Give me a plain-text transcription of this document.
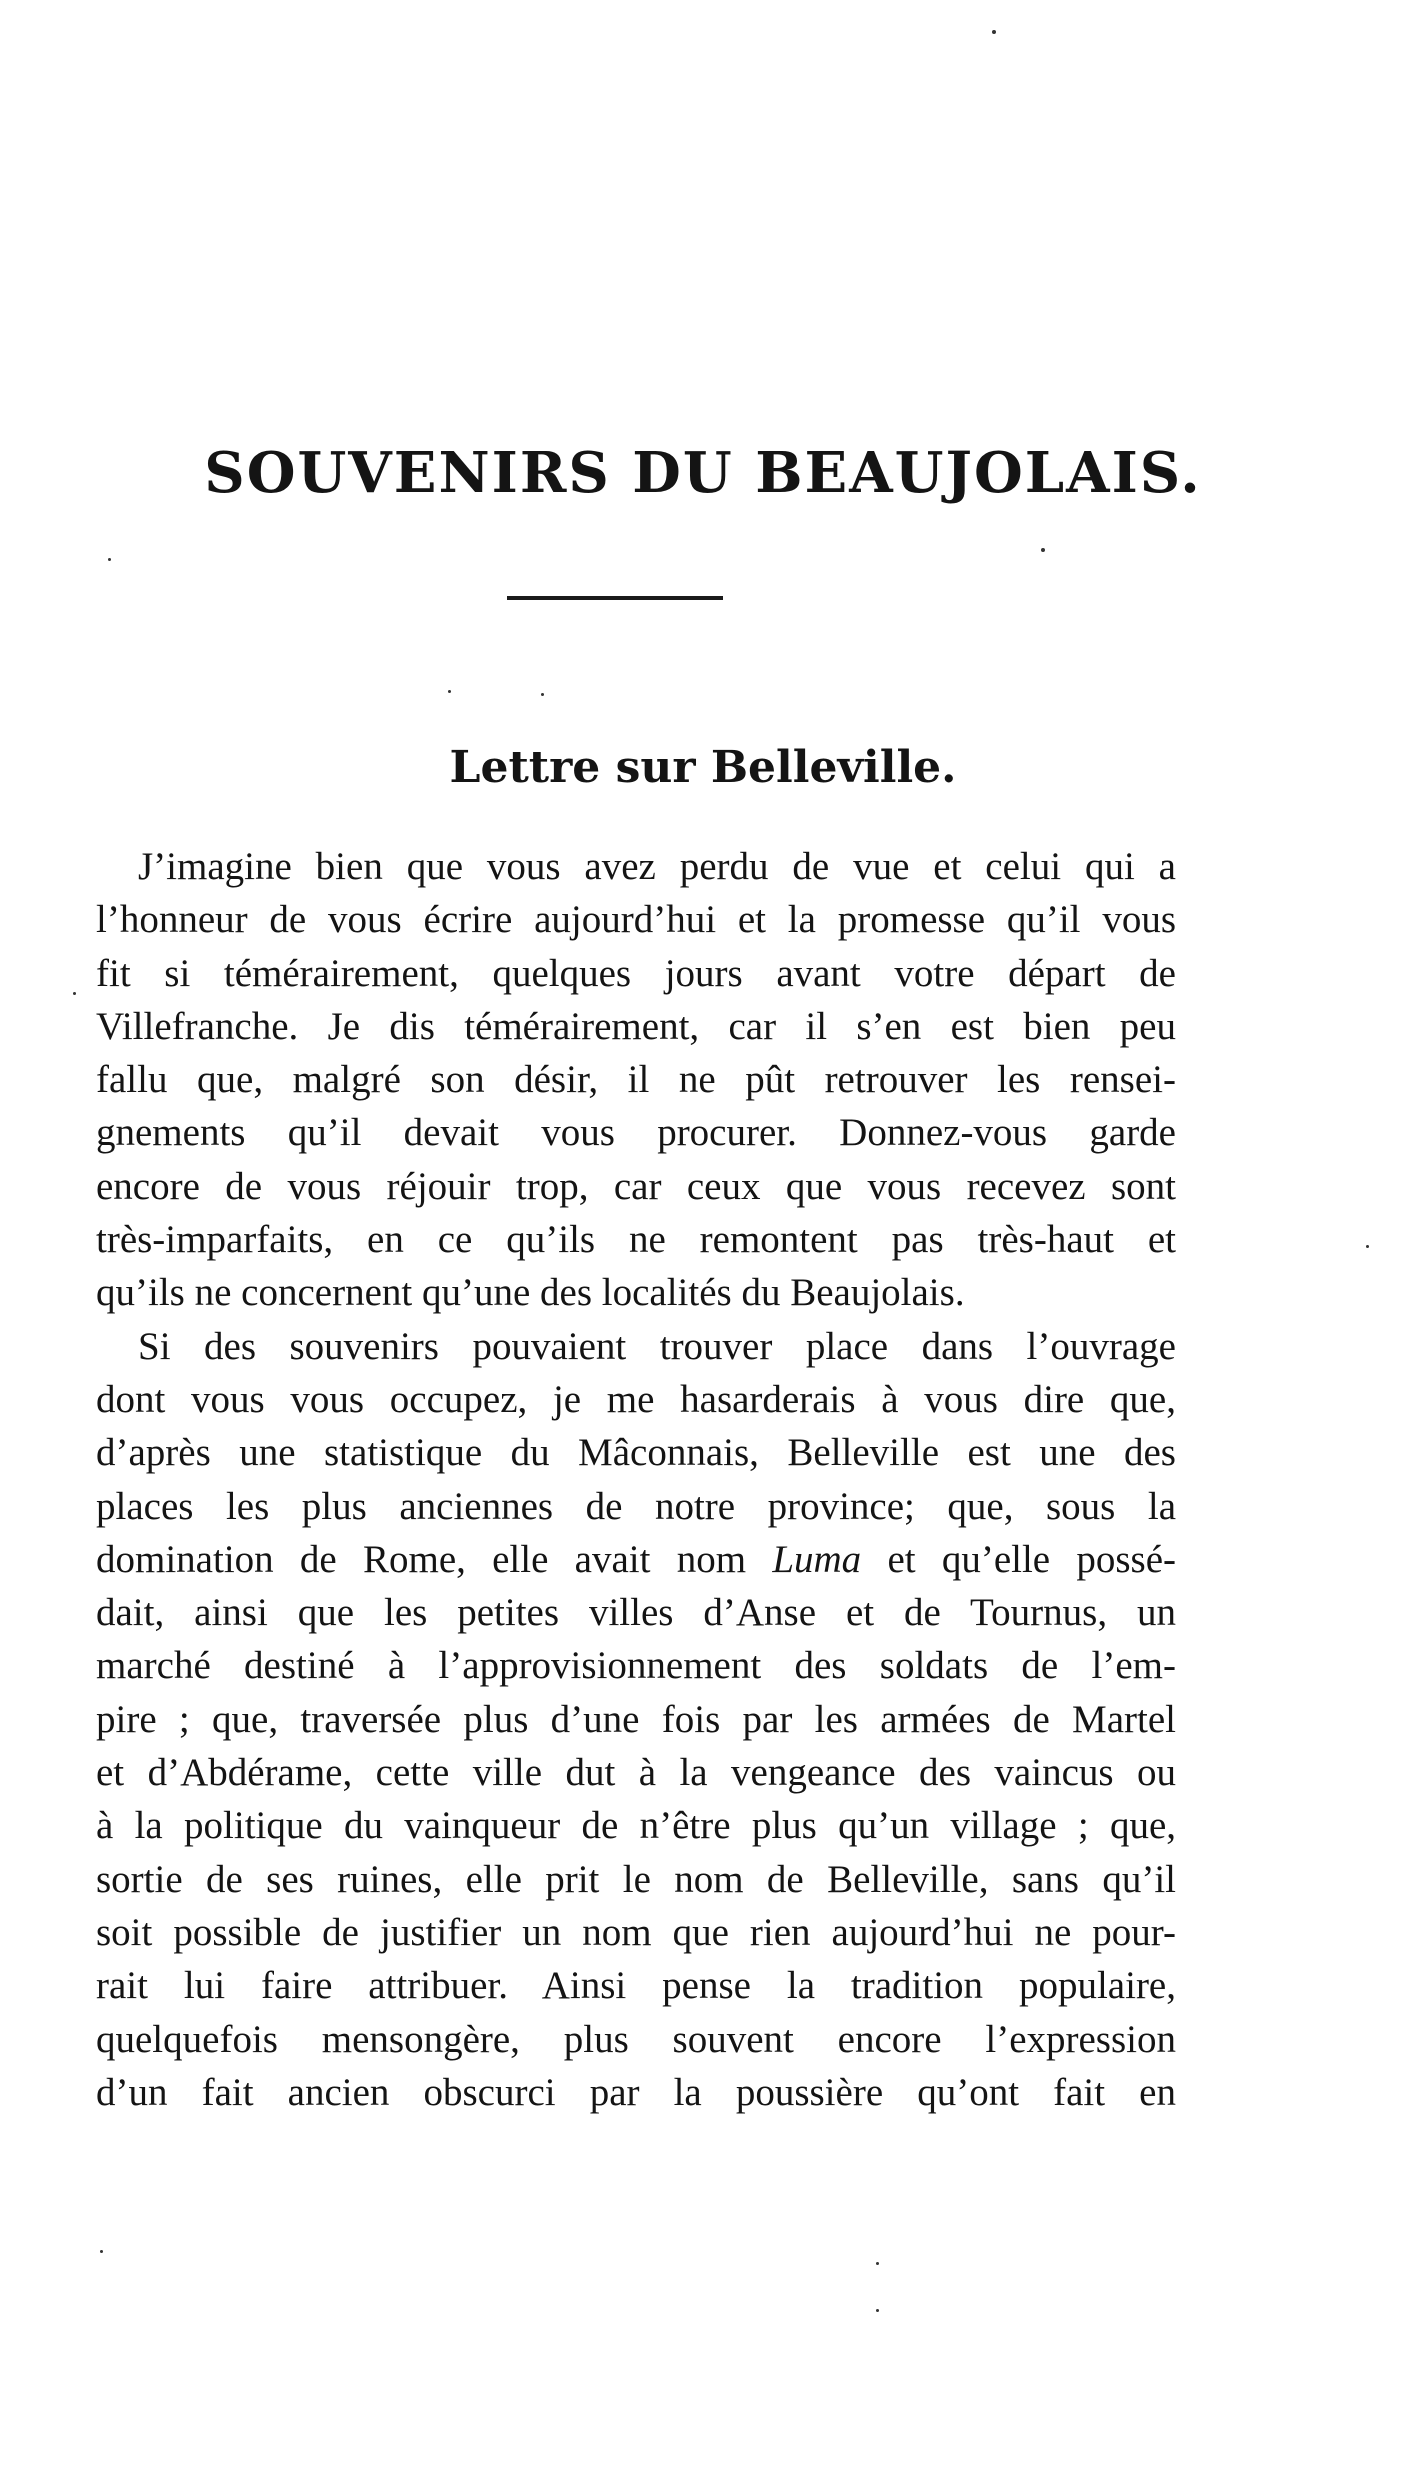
SOUVENIRS DU BEAUJOLAIS.
Lettre sur Belleville.
J’imagine bien que vous avez perdu de vue et celui qui a
l’honneur de vous écrire aujourd’hui et la promesse qu’il vous
fit si témérairement, quelques jours avant votre départ de
Villefranche. Je dis témérairement, car il s’en est bien peu
fallu que, malgré son désir, il ne pût retrouver les rensei-
gnements qu’il devait vous procurer. Donnez-vous garde
encore de vous réjouir trop, car ceux que vous recevez sont
très-imparfaits, en ce qu’ils ne remontent pas très-haut et
qu’ils ne concernent qu’une des localités du Beaujolais.
Si des souvenirs pouvaient trouver place dans l’ouvrage
dont vous vous occupez, je me hasarderais à vous dire que,
d’après une statistique du Mâconnais, Belleville est une des
places les plus anciennes de notre province; que, sous la
domination de Rome, elle avait nom Luma et qu’elle possé-
dait, ainsi que les petites villes d’Anse et de Tournus, un
marché destiné à l’approvisionnement des soldats de l’em-
pire ; que, traversée plus d’une fois par les armées de Martel
et d’Abdérame, cette ville dut à la vengeance des vaincus ou
à la politique du vainqueur de n’être plus qu’un village ; que,
sortie de ses ruines, elle prit le nom de Belleville, sans qu’il
soit possible de justifier un nom que rien aujourd’hui ne pour-
rait lui faire attribuer. Ainsi pense la tradition populaire,
quelquefois mensongère, plus souvent encore l’expression
d’un fait ancien obscurci par la poussière qu’ont fait en
